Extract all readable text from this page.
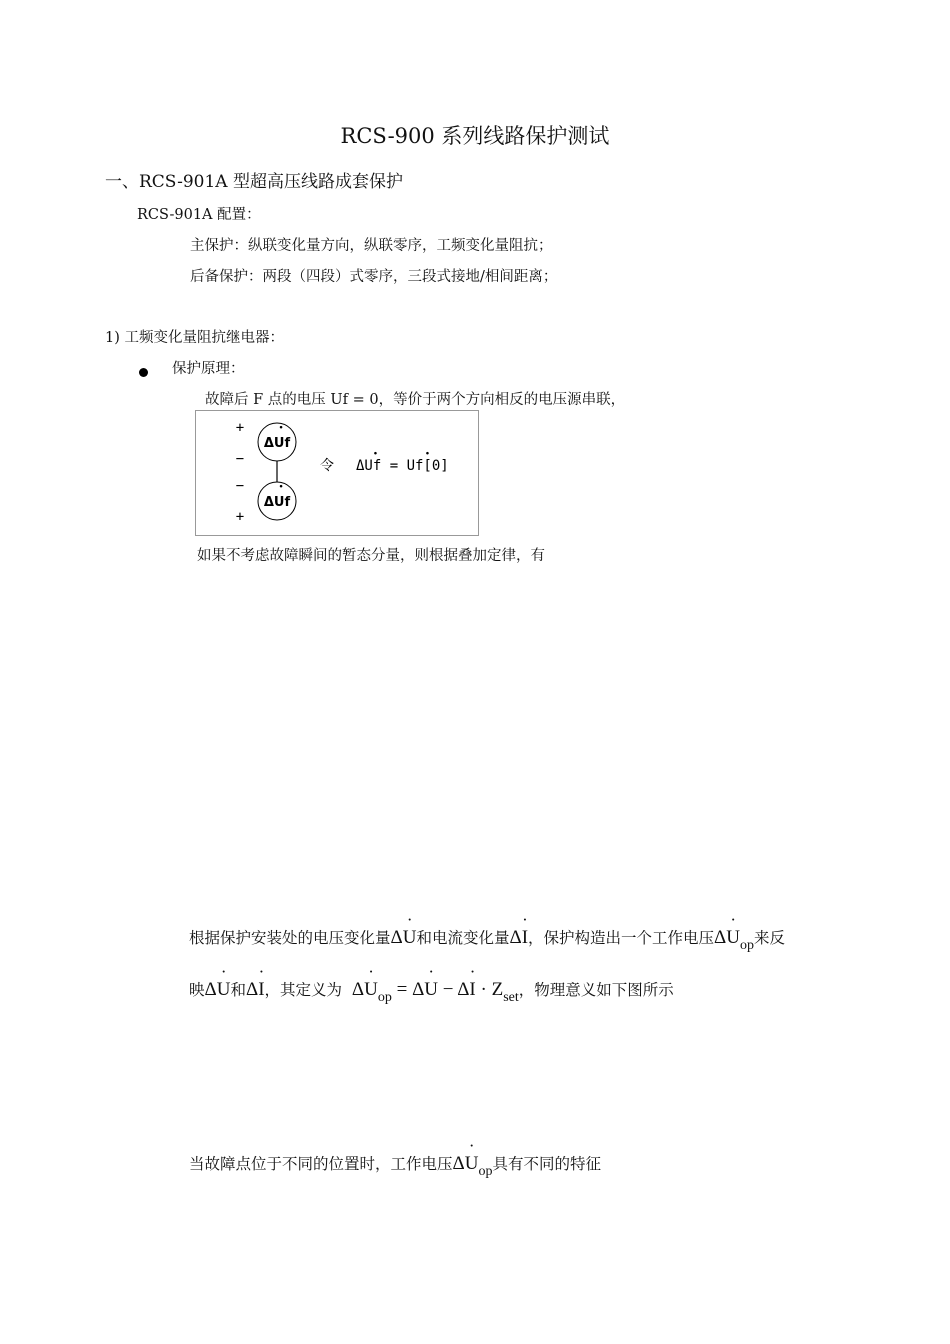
RCS-900 系列线路保护测试
一、RCS-901A 型超高压线路成套保护
RCS-901A 配置：
主保护：纵联变化量方向，纵联零序，工频变化量阻抗；
后备保护：两段（四段）式零序，三段式接地/相间距离；
1) 工频变化量阻抗继电器：
保护原理：
故障后 F 点的电压 Uf = 0，等价于两个方向相反的电压源串联，
+
−
−
+
ΔUf
·
ΔUf
·
令 ΔUf = Uf[0]
·	·
如果不考虑故障瞬间的暂态分量，则根据叠加定律，有
根据保护安装处的电压变化量Δ˙ U和电流变化量Δ˙ I，保护构造出一个工作电压Δ˙ $U_{op}$来反
映Δ˙ U和Δ˙ I，其定义为 Δ˙ $U_{op}$ = Δ˙ U − Δ˙ $I \cdot Z_{set}$，物理意义如下图所示
当故障点位于不同的位置时，工作电压Δ˙ $U_{op}$具有不同的特征
